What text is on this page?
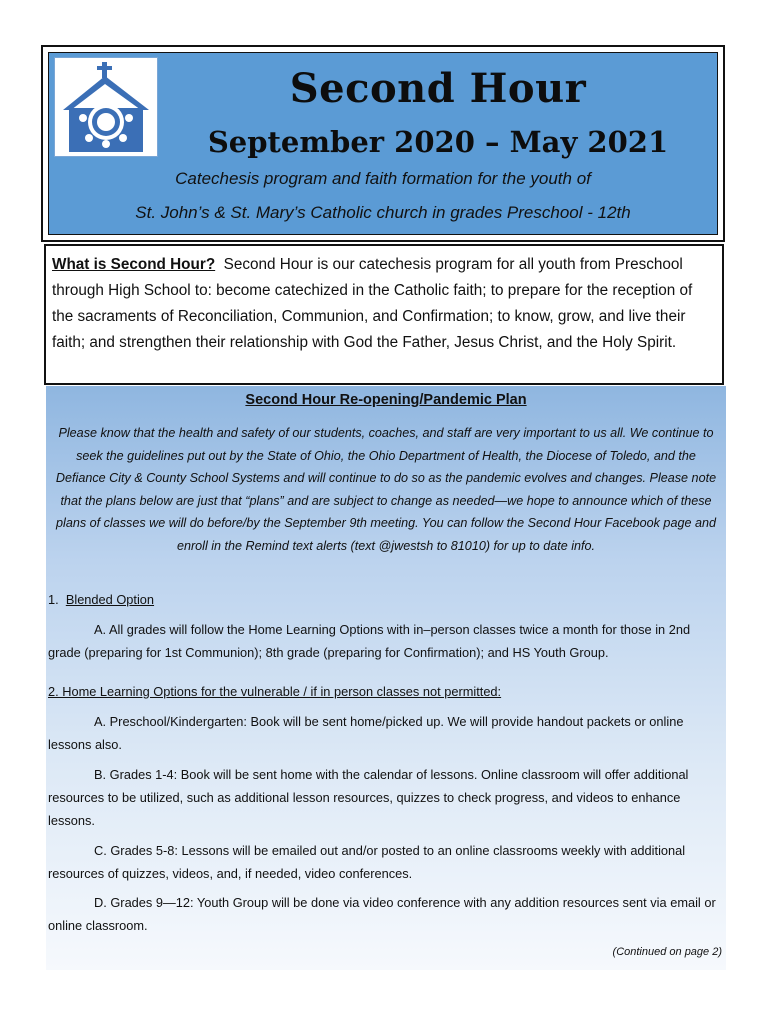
Second Hour
September 2020 – May 2021
Catechesis program and faith formation for the youth of
St. John’s & St. Mary’s Catholic church in grades Preschool - 12th
What is Second Hour? Second Hour is our catechesis program for all youth from Preschool through High School to: become catechized in the Catholic faith; to prepare for the reception of the sacraments of Reconciliation, Communion, and Confirmation; to know, grow, and live their faith; and strengthen their relationship with God the Father, Jesus Christ, and the Holy Spirit.
Second Hour Re-opening/Pandemic Plan
Please know that the health and safety of our students, coaches, and staff are very important to us all. We continue to seek the guidelines put out by the State of Ohio, the Ohio Department of Health, the Diocese of Toledo, and the Defiance City & County School Systems and will continue to do so as the pandemic evolves and changes. Please note that the plans below are just that “plans” and are subject to change as needed—we hope to announce which of these plans of classes we will do before/by the September 9th meeting. You can follow the Second Hour Facebook page and enroll in the Remind text alerts (text @jwestsh to 81010) for up to date info.
1. Blended Option
A. All grades will follow the Home Learning Options with in–person classes twice a month for those in 2nd grade (preparing for 1st Communion); 8th grade (preparing for Confirmation); and HS Youth Group.
2. Home Learning Options for the vulnerable / if in person classes not permitted:
A. Preschool/Kindergarten: Book will be sent home/picked up. We will provide handout packets or online lessons also.
B. Grades 1-4: Book will be sent home with the calendar of lessons. Online classroom will offer additional resources to be utilized, such as additional lesson resources, quizzes to check progress, and videos to enhance lessons.
C. Grades 5-8: Lessons will be emailed out and/or posted to an online classrooms weekly with additional resources of quizzes, videos, and, if needed, video conferences.
D. Grades 9—12: Youth Group will be done via video conference with any addition resources sent via email or online classroom.
(Continued on page 2)
